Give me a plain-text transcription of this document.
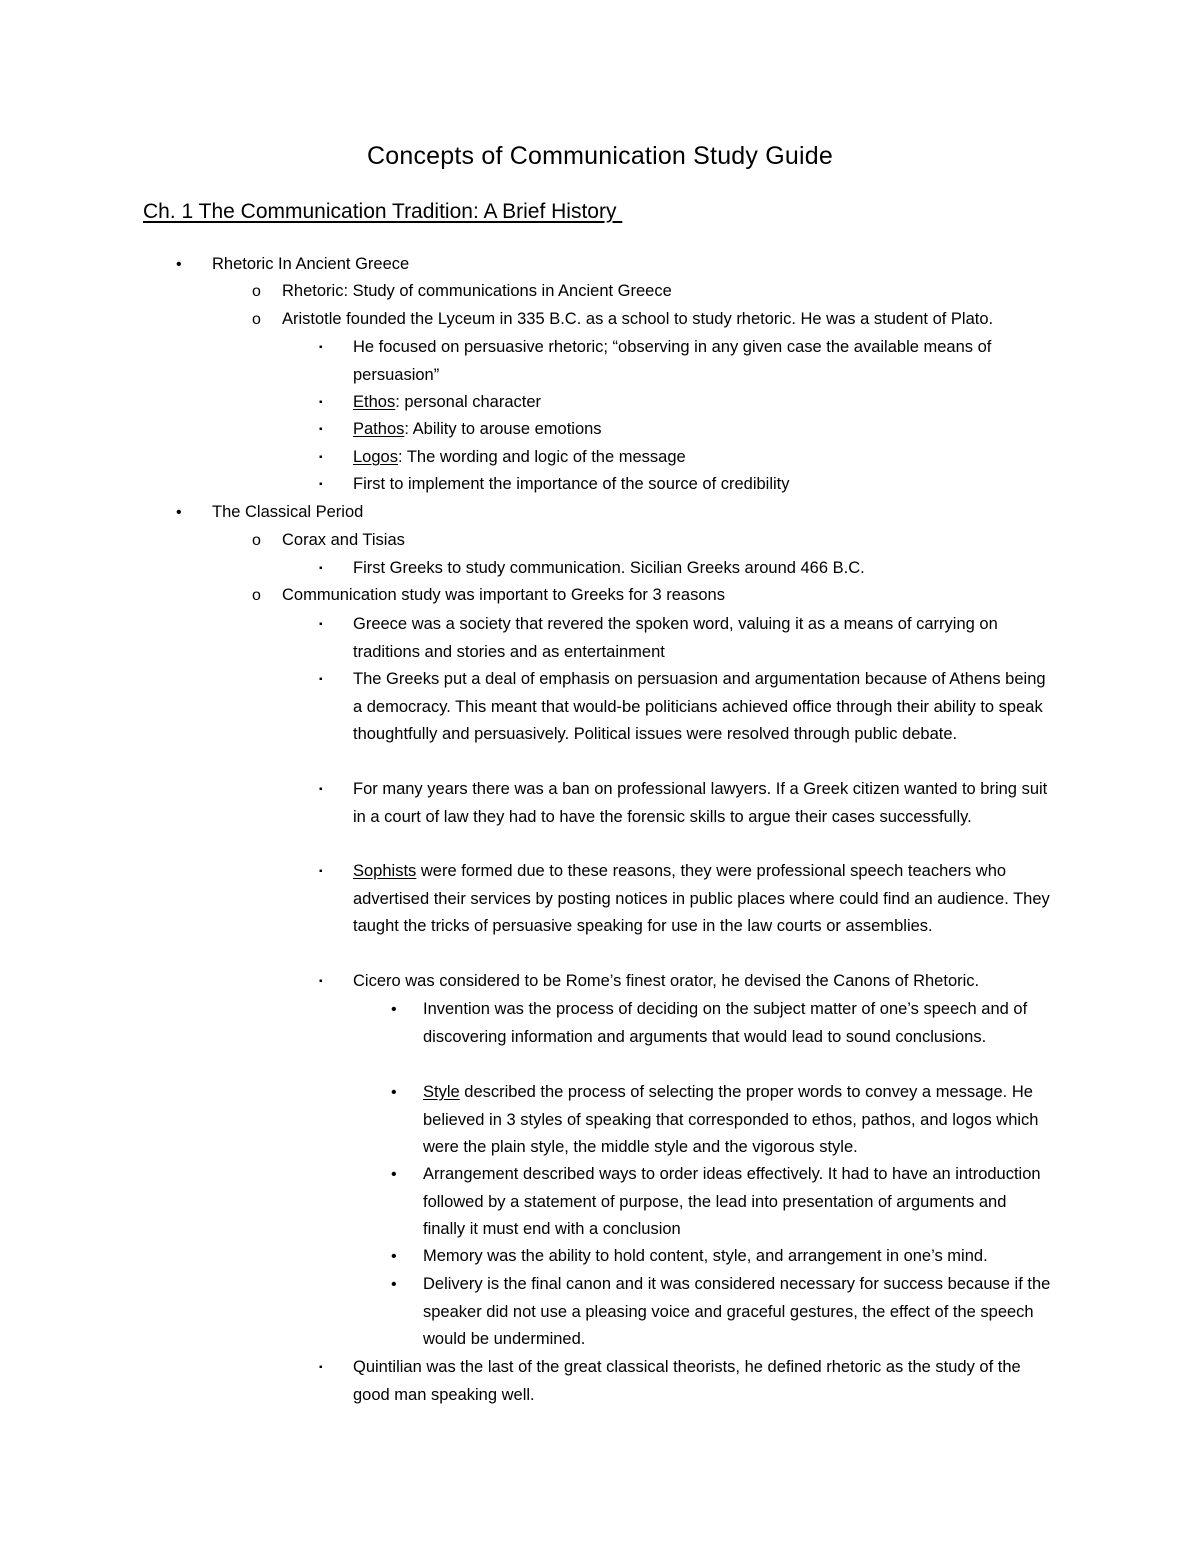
Concepts of Communication Study Guide
Ch. 1 The Communication Tradition: A Brief History
• Rhetoric In Ancient Greece
o Rhetoric: Study of communications in Ancient Greece
o Aristotle founded the Lyceum in 335 B.C. as a school to study rhetoric. He was a student of Plato.
▪ He focused on persuasive rhetoric; “observing in any given case the available means of persuasion”
▪ Ethos: personal character
▪ Pathos: Ability to arouse emotions
▪ Logos: The wording and logic of the message
▪ First to implement the importance of the source of credibility
• The Classical Period
o Corax and Tisias
▪ First Greeks to study communication. Sicilian Greeks around 466 B.C.
o Communication study was important to Greeks for 3 reasons
▪ Greece was a society that revered the spoken word, valuing it as a means of carrying on traditions and stories and as entertainment
▪ The Greeks put a deal of emphasis on persuasion and argumentation because of Athens being a democracy. This meant that would-be politicians achieved office through their ability to speak thoughtfully and persuasively. Political issues were resolved through public debate.
▪ For many years there was a ban on professional lawyers. If a Greek citizen wanted to bring suit in a court of law they had to have the forensic skills to argue their cases successfully.
▪ Sophists were formed due to these reasons, they were professional speech teachers who advertised their services by posting notices in public places where could find an audience. They taught the tricks of persuasive speaking for use in the law courts or assemblies.
▪ Cicero was considered to be Rome’s finest orator, he devised the Canons of Rhetoric.
• Invention was the process of deciding on the subject matter of one’s speech and of discovering information and arguments that would lead to sound conclusions.
• Style described the process of selecting the proper words to convey a message. He believed in 3 styles of speaking that corresponded to ethos, pathos, and logos which were the plain style, the middle style and the vigorous style.
• Arrangement described ways to order ideas effectively. It had to have an introduction followed by a statement of purpose, the lead into presentation of arguments and finally it must end with a conclusion
• Memory was the ability to hold content, style, and arrangement in one’s mind.
• Delivery is the final canon and it was considered necessary for success because if the speaker did not use a pleasing voice and graceful gestures, the effect of the speech would be undermined.
▪ Quintilian was the last of the great classical theorists, he defined rhetoric as the study of the good man speaking well.
